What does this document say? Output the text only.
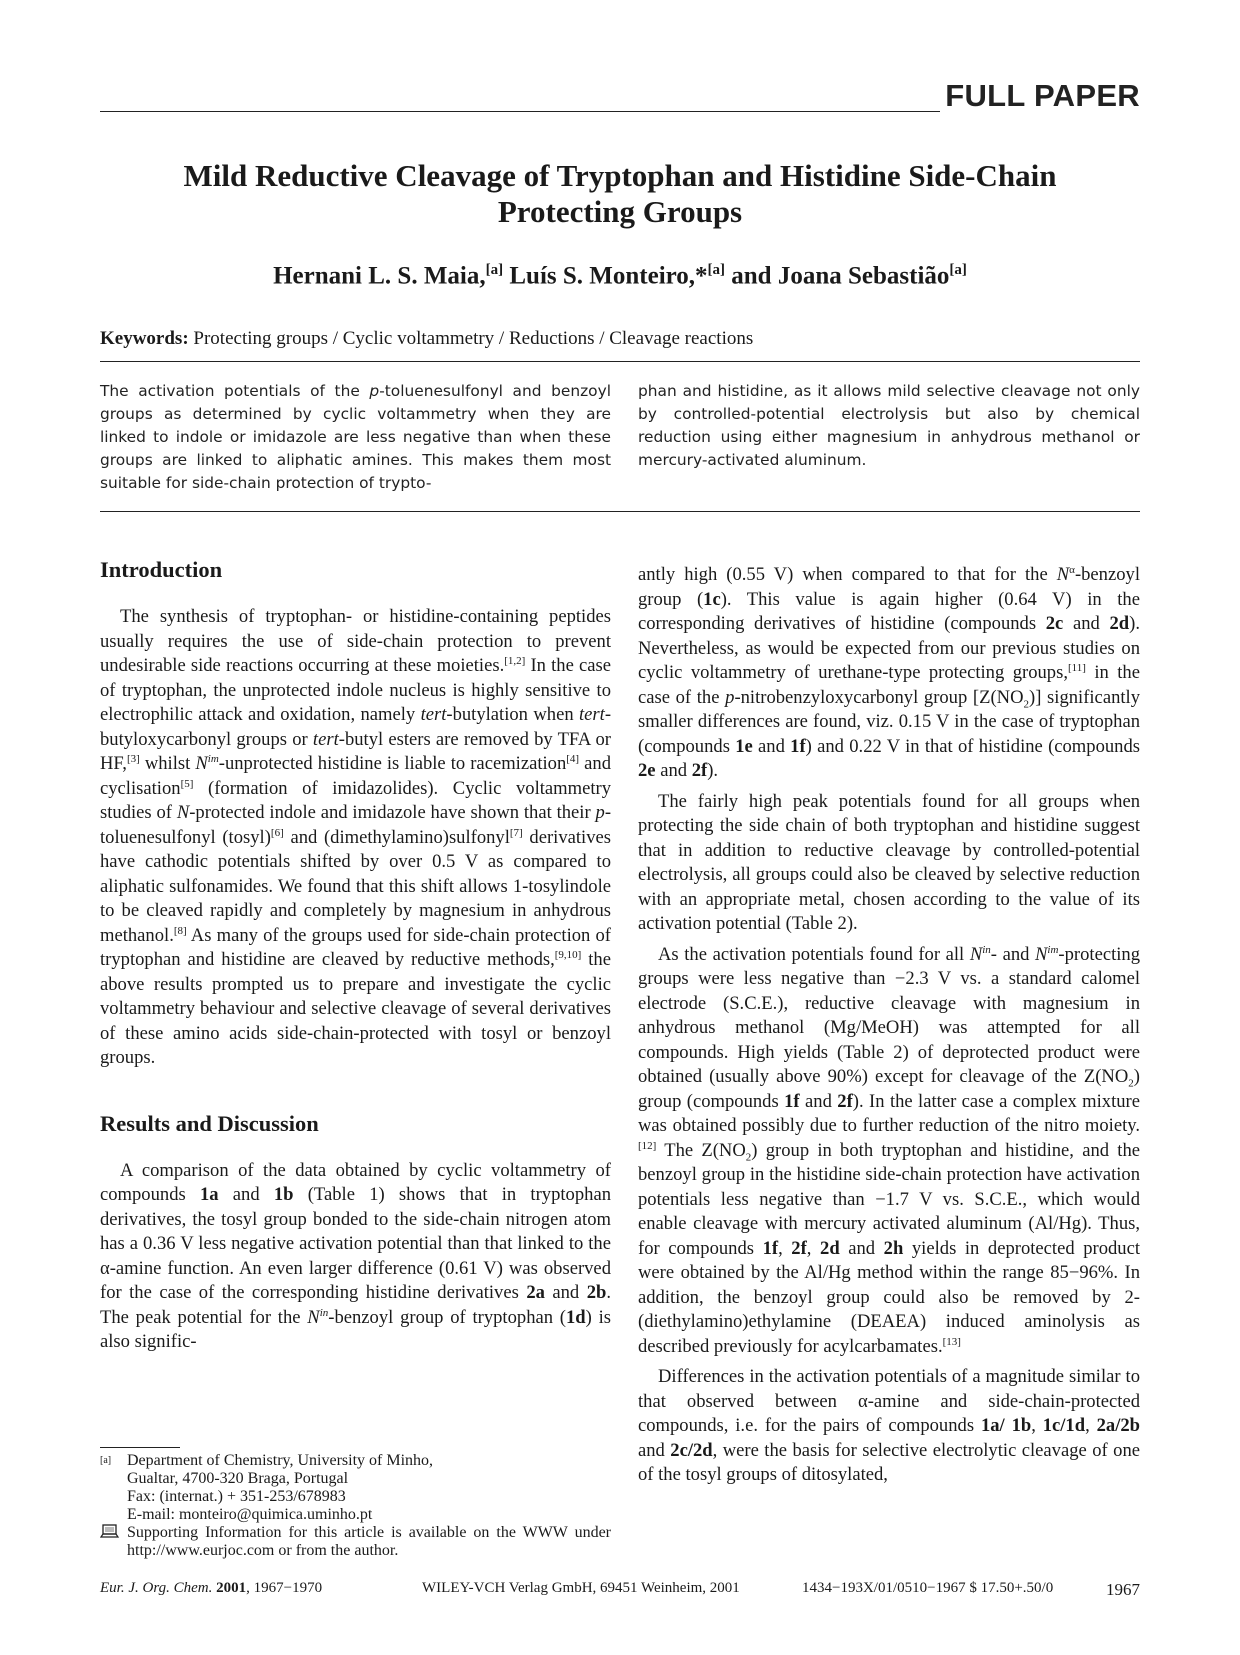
FULL PAPER
Mild Reductive Cleavage of Tryptophan and Histidine Side-Chain
Protecting Groups
Hernani L. S. Maia,[a] Luís S. Monteiro,*[a] and Joana Sebastião[a]
Keywords: Protecting groups / Cyclic voltammetry / Reductions / Cleavage reactions
The activation potentials of the p-toluenesulfonyl and benzoyl groups as determined by cyclic voltammetry when they are linked to indole or imidazole are less negative than when these groups are linked to aliphatic amines. This makes them most suitable for side-chain protection of trypto-
phan and histidine, as it allows mild selective cleavage not only by controlled-potential electrolysis but also by chemical reduction using either magnesium in anhydrous methanol or mercury-activated aluminum.
Introduction

The synthesis of tryptophan- or histidine-containing peptides usually requires the use of side-chain protection to prevent undesirable side reactions occurring at these moieties.[1,2] In the case of tryptophan, the unprotected indole nucleus is highly sensitive to electrophilic attack and oxidation, namely tert-butylation when tert-butyloxycarbonyl groups or tert-butyl esters are removed by TFA or HF,[3] whilst $N^{im}$-unprotected histidine is liable to racemization[4] and cyclisation[5] (formation of imidazolides). Cyclic voltammetry studies of N-protected indole and imidazole have shown that their p-toluenesulfonyl (tosyl)[6] and (dimethylamino)sulfonyl[7] derivatives have cathodic potentials shifted by over 0.5 V as compared to aliphatic sulfonamides. We found that this shift allows 1-tosylindole to be cleaved rapidly and completely by magnesium in anhydrous methanol.[8] As many of the groups used for side-chain protection of tryptophan and histidine are cleaved by reductive methods,[9,10] the above results prompted us to prepare and investigate the cyclic voltammetry behaviour and selective cleavage of several derivatives of these amino acids side-chain-protected with tosyl or benzoyl groups.

Results and Discussion

A comparison of the data obtained by cyclic voltammetry of compounds 1a and 1b (Table 1) shows that in tryptophan derivatives, the tosyl group bonded to the side-chain nitrogen atom has a 0.36 V less negative activation potential than that linked to the α-amine function. An even larger difference (0.61 V) was observed for the case of the corresponding histidine derivatives 2a and 2b. The peak potential for the $N^{in}$-benzoyl group of tryptophan (1d) is also signific-

[a] Department of Chemistry, University of Minho,
Gualtar, 4700-320 Braga, Portugal
Fax: (internat.) + 351-253/678983
E-mail: monteiro@quimica.uminho.pt
Supporting Information for this article is available on the WWW under http://www.eurjoc.com or from the author.

antly high (0.55 V) when compared to that for the $N^\alpha$-benzoyl group (1c). This value is again higher (0.64 V) in the corresponding derivatives of histidine (compounds 2c and 2d). Nevertheless, as would be expected from our previous studies on cyclic voltammetry of urethane-type protecting groups,[11] in the case of the p-nitrobenzyloxycarbonyl group $[Z(NO_2)]$ significantly smaller differences are found, viz. 0.15 V in the case of tryptophan (compounds 1e and 1f) and 0.22 V in that of histidine (compounds 2e and 2f).

The fairly high peak potentials found for all groups when protecting the side chain of both tryptophan and histidine suggest that in addition to reductive cleavage by controlled-potential electrolysis, all groups could also be cleaved by selective reduction with an appropriate metal, chosen according to the value of its activation potential (Table 2).

As the activation potentials found for all $N^{in}-$ and $N^{im}$-protecting groups were less negative than −2.3 V vs. a standard calomel electrode (S.C.E.), reductive cleavage with magnesium in anhydrous methanol (Mg/MeOH) was attempted for all compounds. High yields (Table 2) of deprotected product were obtained (usually above 90%) except for cleavage of the $Z(NO_2)$ group (compounds 1f and 2f). In the latter case a complex mixture was obtained possibly due to further reduction of the nitro moiety.[12] The $Z(NO_2)$ group in both tryptophan and histidine, and the benzoyl group in the histidine side-chain protection have activation potentials less negative than −1.7 V vs. S.C.E., which would enable cleavage with mercury activated aluminum (Al/Hg). Thus, for compounds 1f, 2f, 2d and 2h yields in deprotected product were obtained by the Al/Hg method within the range 85−96%. In addition, the benzoyl group could also be removed by 2-(diethylamino)ethylamine (DEAEA) induced aminolysis as described previously for acylcarbamates.[13]

Differences in the activation potentials of a magnitude similar to that observed between α-amine and side-chain-protected compounds, i.e. for the pairs of compounds 1a/ 1b, 1c/1d, 2a/2b and 2c/2d, were the basis for selective electrolytic cleavage of one of the tosyl groups of ditosylated,

Eur. J. Org. Chem. 2001, 1967−1970	WILEY-VCH Verlag GmbH, 69451 Weinheim, 2001	1434−193X/01/0510−1967 $ 17.50+.50/0	1967
